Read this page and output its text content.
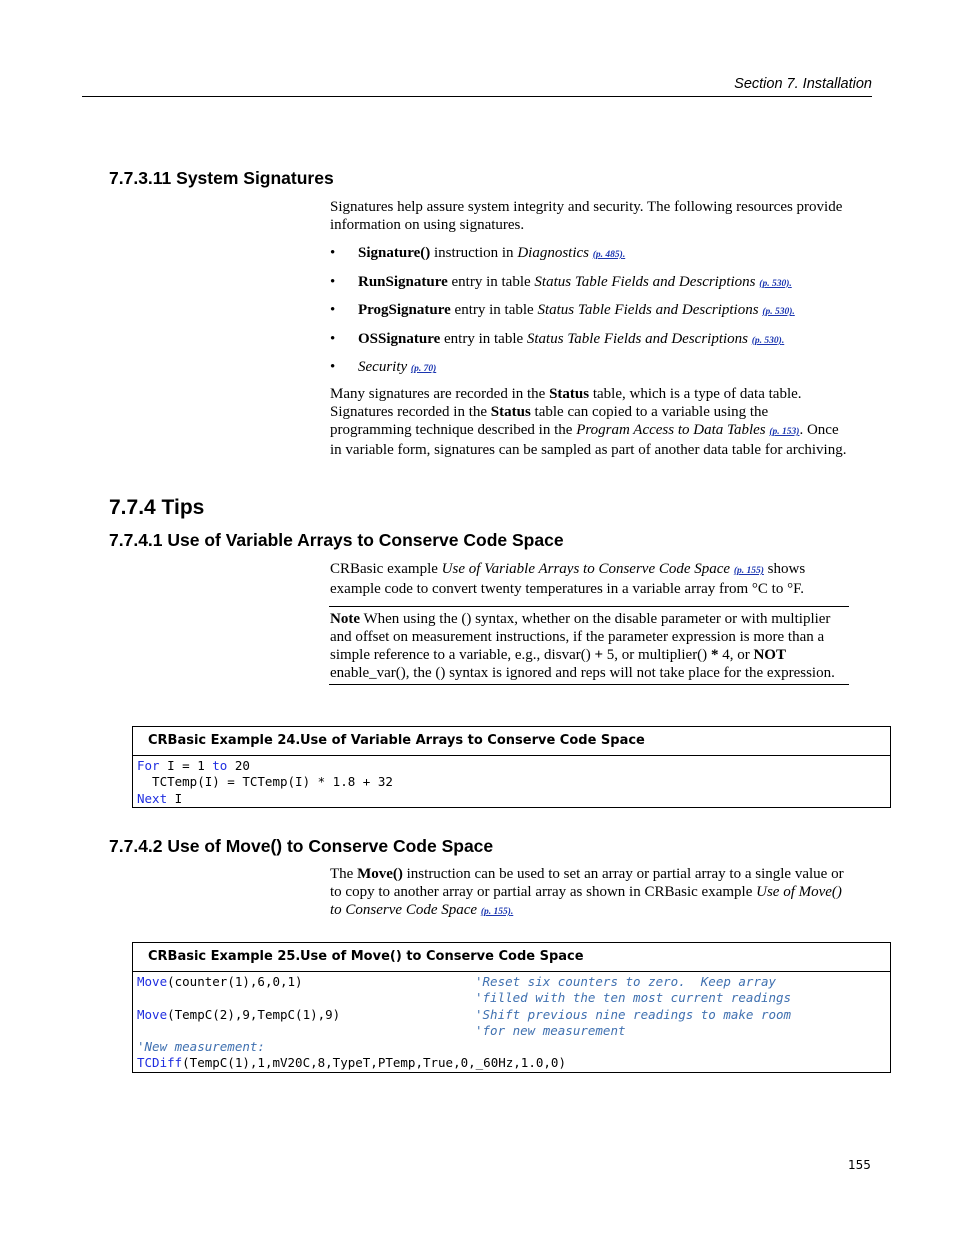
Section 7. Installation
7.7.3.11 System Signatures

Signatures help assure system integrity and security. The following resources provide information on using signatures.

• Signature() instruction in Diagnostics (p. 485).
• RunSignature entry in table Status Table Fields and Descriptions (p. 530).
• ProgSignature entry in table Status Table Fields and Descriptions (p. 530).
• OSSignature entry in table Status Table Fields and Descriptions (p. 530).
• Security (p. 70)

Many signatures are recorded in the Status table, which is a type of data table. Signatures recorded in the Status table can copied to a variable using the programming technique described in the Program Access to Data Tables (p. 153). Once in variable form, signatures can be sampled as part of another data table for archiving.

7.7.4 Tips
7.7.4.1 Use of Variable Arrays to Conserve Code Space

CRBasic example Use of Variable Arrays to Conserve Code Space (p. 155) shows example code to convert twenty temperatures in a variable array from °C to °F.

Note When using the () syntax, whether on the disable parameter or with multiplier and offset on measurement instructions, if the parameter expression is more than a simple reference to a variable, e.g., disvar() + 5, or multiplier() * 4, or NOT enable_var(), the () syntax is ignored and reps will not take place for the expression.
CRBasic Example 24.Use of Variable Arrays to Conserve Code Space
For I = 1 to 20
TCTemp(I) = TCTemp(I) * 1.8 + 32
Next I
7.7.4.2 Use of Move() to Conserve Code Space

The Move() instruction can be used to set an array or partial array to a single value or to copy to another array or partial array as shown in CRBasic example Use of Move() to Conserve Code Space (p. 155).

CRBasic Example 25.Use of Move() to Conserve Code Space
Move(counter(1),6,0,1)	'Reset six counters to zero.  Keep array
'filled with the ten most current readings
Move(TempC(2),9,TempC(1),9)	'Shift previous nine readings to make room
'for new measurement
'New measurement:
TCDiff(TempC(1),1,mV20C,8,TypeT,PTemp,True,0,_60Hz,1.0,0)
155
